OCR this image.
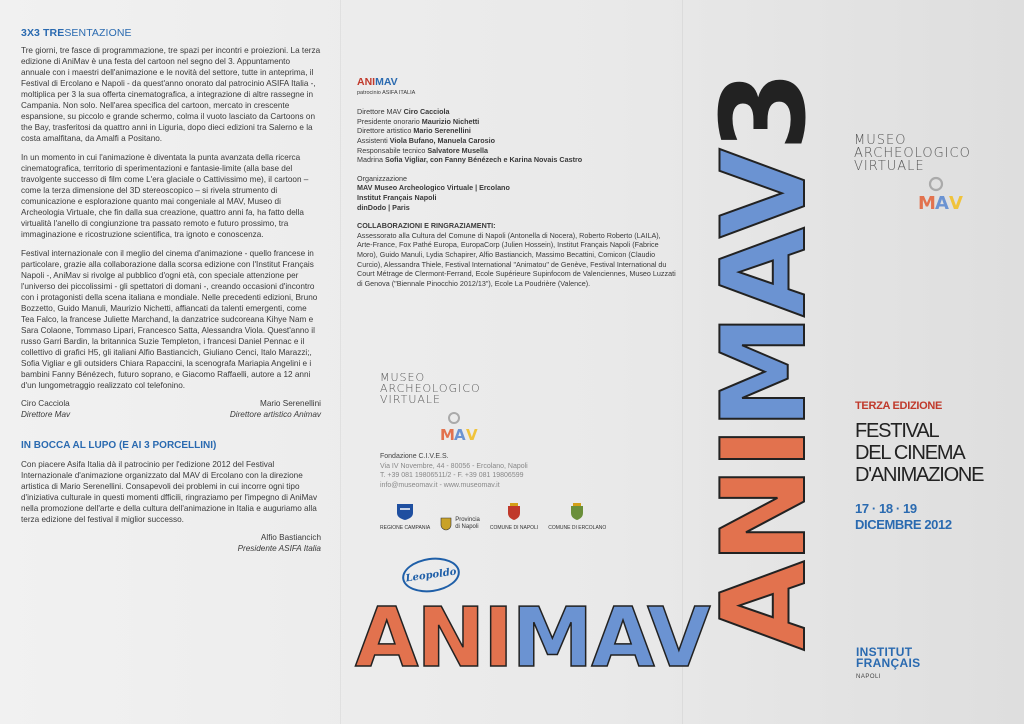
3X3 TRESENTAZIONE

Tre giorni, tre fasce di programmazione, tre spazi per incontri e proiezioni. La terza edizione di AniMav è una festa del cartoon nel segno del 3. Appuntamento annuale con i maestri dell'animazione e le novità del settore, tutte in anteprima, il Festival di Ercolano e Napoli - da quest'anno onorato dal patrocinio ASIFA Italia -, moltiplica per 3 la sua offerta cinematografica, a integrazione di altre rassegne in Campania. Non solo. Nell'area specifica del cartoon, mercato in crescente espansione, su piccolo e grande schermo, colma il vuoto lasciato da Cartoons on the Bay, trasferitosi da quattro anni in Liguria, dopo dieci edizioni tra Salerno e la costa amalfitana, da Amalfi a Positano.

In un momento in cui l'animazione è diventata la punta avanzata della ricerca cinematografica, territorio di sperimentazioni e fantasie-limite (alla base del travolgente successo di film come L'era glaciale o Cattivissimo me), il cartoon – come la terza dimensione del 3D stereoscopico – si rivela strumento di comunicazione e esplorazione quanto mai congeniale al MAV, Museo di Archeologia Virtuale, che fin dalla sua creazione, quattro anni fa, ha fatto della virtualità l'anello di congiunzione tra passato remoto e futuro prossimo, tra immaginazione e ricostruzione scientifica, tra ignoto e conoscenza.

Festival internazionale con il meglio del cinema d'animazione - quello francese in particolare, grazie alla collaborazione dalla scorsa edizione con l'Institut Français Napoli -, AniMav si rivolge al pubblico d'ogni età, con speciale attenzione per l'universo dei piccolissimi - gli spettatori di domani -, creando occasioni d'incontro con i protagonisti della scena italiana e mondiale. Nelle precedenti edizioni, Bruno Bozzetto, Guido Manuli, Maurizio Nichetti, affiancati da talenti emergenti, come Tea Falco, la francese Juliette Marchand, la danzatrice sudcoreana Kihye Nam e Sara Colaone, Tommaso Lipari, Francesco Satta, Alessandra Viola. Quest'anno il russo Garri Bardin, la britannica Suzie Templeton, i francesi Daniel Pennac e il collettivo di grafici H5, gli italiani Alfio Bastiancich, Giuliano Cenci, Italo Marazzi;, Sofia Vigliar e gli outsiders Chiara Rapaccini, la scenografa Mariapia Angelini e i bambini Fanny Bénézech, futuro soprano, e Giacomo Raffaelli, autore a 12 anni d'un lungometraggio realizzato col telefonino.

Ciro Cacciola
Direttore Mav
Mario Serenellini
Direttore artistico Animav
IN BOCCA AL LUPO (E AI 3 PORCELLINI)

Con piacere Asifa Italia dà il patrocinio per l'edizione 2012 del Festival Internazionale d'animazione organizzato dal MAV di Ercolano con la direzione artistica di Mario Serenellini. Consapevoli dei problemi in cui incorre ogni tipo d'iniziativa culturale in questi momenti dfficili, ringraziamo per l'impegno di AniMav nella promozione dell'arte e della cultura dell'animazione in Italia e auguriamo alla terza edizione del festival il miglior successo.

Alfio Bastiancich
Presidente ASIFA Italia
ANIMAV
patrocinio ASIFA ITALIA
Direttore MAV Ciro Cacciola
Presidente onorario Maurizio Nichetti
Direttore artistico Mario Serenellini
Assistenti Viola Bufano, Manuela Carosio
Responsabile tecnico Salvatore Musella
Madrina Sofia Vigliar, con Fanny Bénézech e Karina Novais Castro
Organizzazione
MAV Museo Archeologico Virtuale | Ercolano
Institut Français Napoli
dinDodo | Paris
COLLABORAZIONI E RINGRAZIAMENTI:
Assessorato alla Cultura del Comune di Napoli (Antonella di Nocera), Roberto Roberto (LAILA), Arte-France, Fox Pathé Europa, EuropaCorp (Julien Hossein), Institut Français Napoli (Fabrice Moro), Guido Manuli, Lydia Schapirer, Alfio Bastiancich, Massimo Becattini, Comicon (Claudio Curcio), Alessandra Thiele, Festival International "Animatou" de Genève, Festival International du Court Métrage de Clermont-Ferrand, Ecole Supérieure Supinfocom de Valenciennes, Museo Luzzati di Genova ("Biennale Pinocchio 2012/13"), Ecole La Poudrière (Valence).
MUSEO
ARCHEOLOGICO
VIRTUALE
M A V
Fondazione C.I.V.E.S.
Via IV Novembre, 44 - 80056 - Ercolano, Napoli
T. +39 081 19806511/2 - F. +39 081 19806599
info@museomav.it - www.museomav.it
REGIONE CAMPANIA
Provincia
di Napoli COMUNE DI NAPOLI COMUNE DI ERCOLANO
Leopoldo
ANIMAV
ANIMAV3 MUSEO
ARCHEOLOGICO
VIRTUALE
M A V
TERZA EDIZIONE
FESTIVAL
DEL CINEMA
D'ANIMAZIONE
17 · 18 · 19
DICEMBRE 2012
INSTITUT
FRANÇAIS
NAPOLI
